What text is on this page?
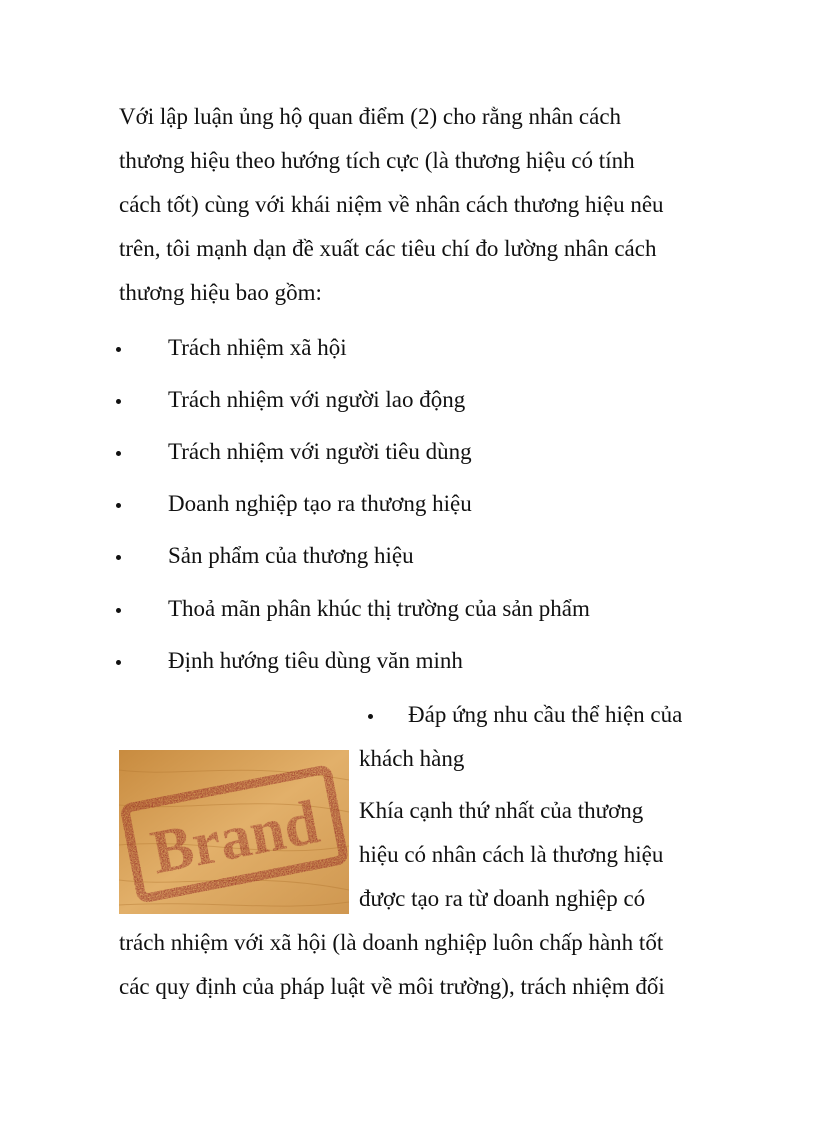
Với lập luận ủng hộ quan điểm (2) cho rằng nhân cách
thương hiệu theo hướng tích cực (là thương hiệu có tính
cách tốt) cùng với khái niệm về nhân cách thương hiệu nêu
trên, tôi mạnh dạn đề xuất các tiêu chí đo lường nhân cách
thương hiệu bao gồm:
Trách nhiệm xã hội
Trách nhiệm với người lao động
Trách nhiệm với người tiêu dùng
Doanh nghiệp tạo ra thương hiệu
Sản phẩm của thương hiệu
Thoả mãn phân khúc thị trường của sản phẩm
Định hướng tiêu dùng văn minh
Đáp ứng nhu cầu thể hiện của
khách hàng
Khía cạnh thứ nhất của thương
hiệu có nhân cách là thương hiệu
được tạo ra từ doanh nghiệp có
trách nhiệm với xã hội (là doanh nghiệp luôn chấp hành tốt
các quy định của pháp luật về môi trường), trách nhiệm đối
Brand
